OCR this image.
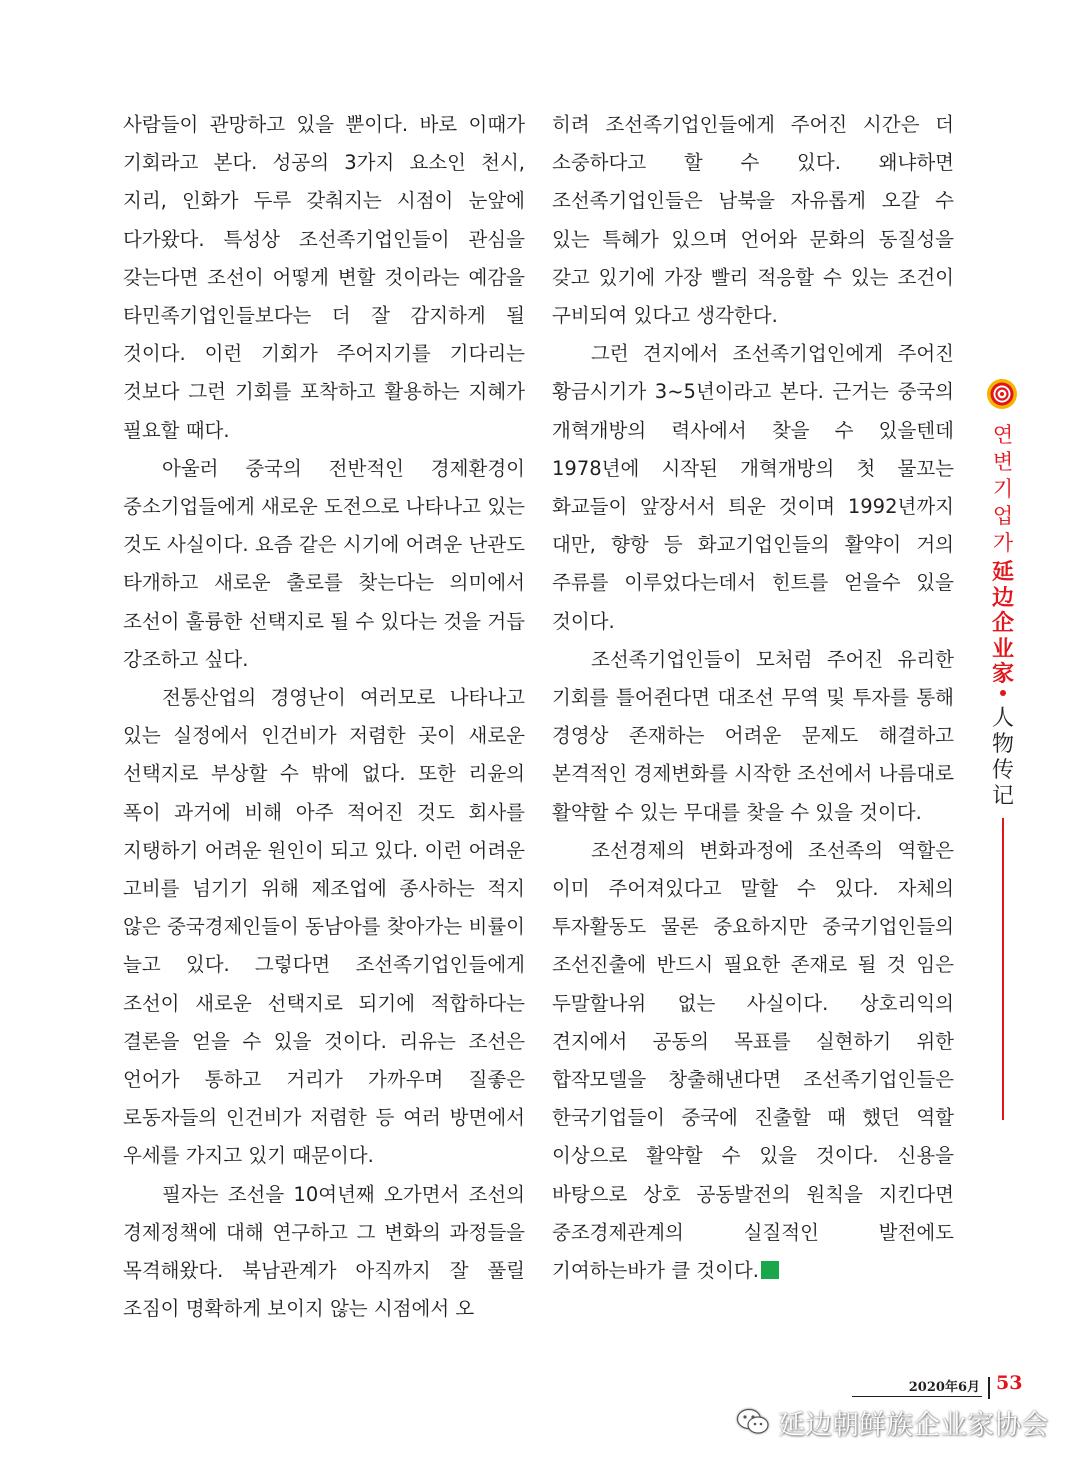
사람들이 관망하고 있을 뿐이다. 바로 이때가 기회라고 본다. 성공의 3가지 요소인 천시, 지리, 인화가 두루 갖춰지는 시점이 눈앞에 다가왔다. 특성상 조선족기업인들이 관심을 갖는다면 조선이 어떻게 변할 것이라는 예감을 타민족기업인들보다는 더 잘 감지하게 될 것이다. 이런 기회가 주어지기를 기다리는 것보다 그런 기회를 포착하고 활용하는 지혜가 필요할 때다.

아울러 중국의 전반적인 경제환경이 중소기업들에게 새로운 도전으로 나타나고 있는 것도 사실이다. 요즘 같은 시기에 어려운 난관도 타개하고 새로운 출로를 찾는다는 의미에서 조선이 훌륭한 선택지로 될 수 있다는 것을 거듭 강조하고 싶다.

전통산업의 경영난이 여러모로 나타나고 있는 실정에서 인건비가 저렴한 곳이 새로운 선택지로 부상할 수 밖에 없다. 또한 리윤의 폭이 과거에 비해 아주 적어진 것도 회사를 지탱하기 어려운 원인이 되고 있다. 이런 어려운 고비를 넘기기 위해 제조업에 종사하는 적지 않은 중국경제인들이 동남아를 찾아가는 비률이 늘고 있다. 그렇다면 조선족기업인들에게 조선이 새로운 선택지로 되기에 적합하다는 결론을 얻을 수 있을 것이다. 리유는 조선은 언어가 통하고 거리가 가까우며 질좋은 로동자들의 인건비가 저렴한 등 여러 방면에서 우세를 가지고 있기 때문이다.

필자는 조선을 10여년째 오가면서 조선의 경제정책에 대해 연구하고 그 변화의 과정들을 목격해왔다. 북남관계가 아직까지 잘 풀릴 조짐이 명확하게 보이지 않는 시점에서 오

히려 조선족기업인들에게 주어진 시간은 더 소중하다고 할 수 있다. 왜냐하면 조선족기업인들은 남북을 자유롭게 오갈 수 있는 특혜가 있으며 언어와 문화의 동질성을 갖고 있기에 가장 빨리 적응할 수 있는 조건이 구비되여 있다고 생각한다.

그런 견지에서 조선족기업인에게 주어진 황금시기가 3~5년이라고 본다. 근거는 중국의 개혁개방의 력사에서 찾을 수 있을텐데 1978년에 시작된 개혁개방의 첫 물꼬는 화교들이 앞장서서 틔운 것이며 1992년까지 대만, 향항 등 화교기업인들의 활약이 거의 주류를 이루었다는데서 힌트를 얻을수 있을 것이다.

조선족기업인들이 모처럼 주어진 유리한 기회를 틀어쥔다면 대조선 무역 및 투자를 통해 경영상 존재하는 어려운 문제도 해결하고 본격적인 경제변화를 시작한 조선에서 나름대로 활약할 수 있는 무대를 찾을 수 있을 것이다.

조선경제의 변화과정에 조선족의 역할은 이미 주어져있다고 말할 수 있다. 자체의 투자활동도 물론 중요하지만 중국기업인들의 조선진출에 반드시 필요한 존재로 될 것 임은 두말할나위 없는 사실이다. 상호리익의 견지에서 공동의 목표를 실현하기 위한 합작모델을 창출해낸다면 조선족기업인들은 한국기업들이 중국에 진출할 때 했던 역할 이상으로 활약할 수 있을 것이다. 신용을 바탕으로 상호 공동발전의 원칙을 지킨다면 중조경제관계의 실질적인 발전에도 기여하는바가 클 것이다.

연변기업가
延边企业家
人物传记
2020年6月 53
延边朝鲜族企业家协会
